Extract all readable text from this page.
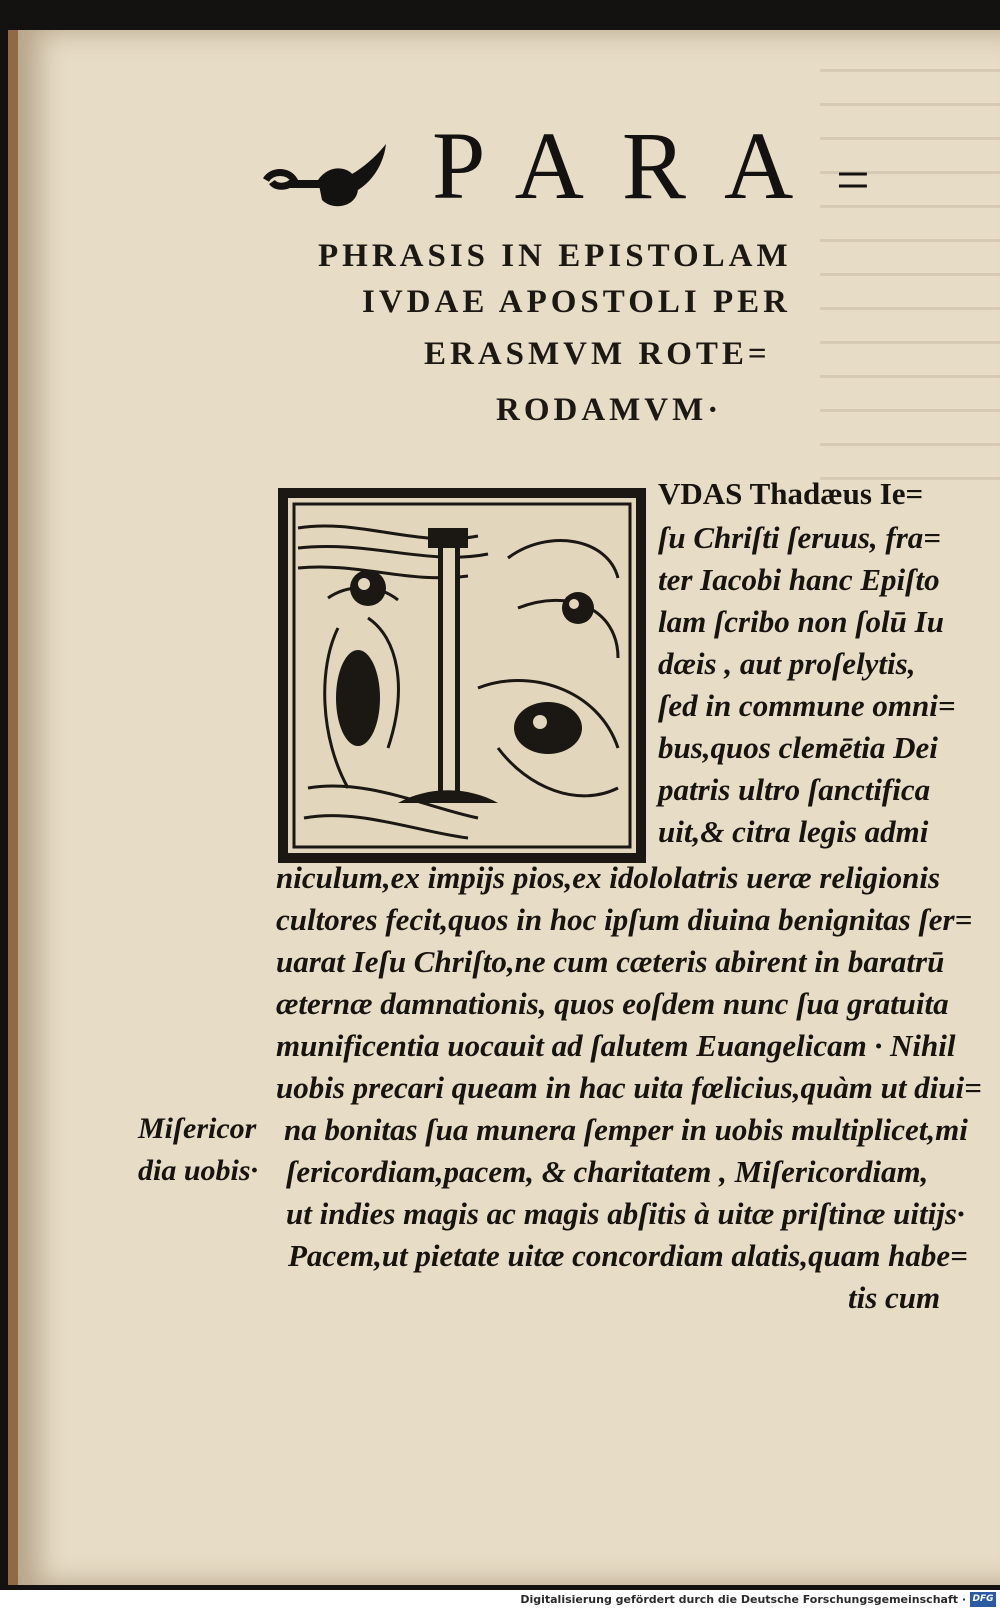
PARA =
PHRASIS IN EPISTOLAM
IVDAE APOSTOLI PER
ERASMVM ROTE=
RODAMVM·
VDAS Thadæus Ie=
ſu Chriſti ſeruus, fra=
ter Iacobi hanc Epiſto
lam ſcribo non ſolū Iu
dæis , aut proſelytis,
ſed in commune omni=
bus,quos clemētia Dei
patris ultro ſanctifica
uit,& citra legis admi
niculum,ex impijs pios,ex idololatris ueræ religionis
cultores fecit,quos in hoc ipſum diuina benignitas ſer=
uarat Ieſu Chriſto,ne cum cæteris abirent in baratrū
æternæ damnationis, quos eoſdem nunc ſua gratuita
munificentia uocauit ad ſalutem Euangelicam · Nihil
uobis precari queam in hac uita fœlicius,quàm ut diui=
na bonitas ſua munera ſemper in uobis multiplicet,mi
ſericordiam,pacem, & charitatem , Miſericordiam,
ut indies magis ac magis abſitis à uitæ priſtinæ uitijs·
Pacem,ut pietate uitæ concordiam alatis,quam habe=
tis cum
Miſericor
dia uobis·
Digitalisierung gefördert durch die Deutsche Forschungsgemeinschaft · DFG
